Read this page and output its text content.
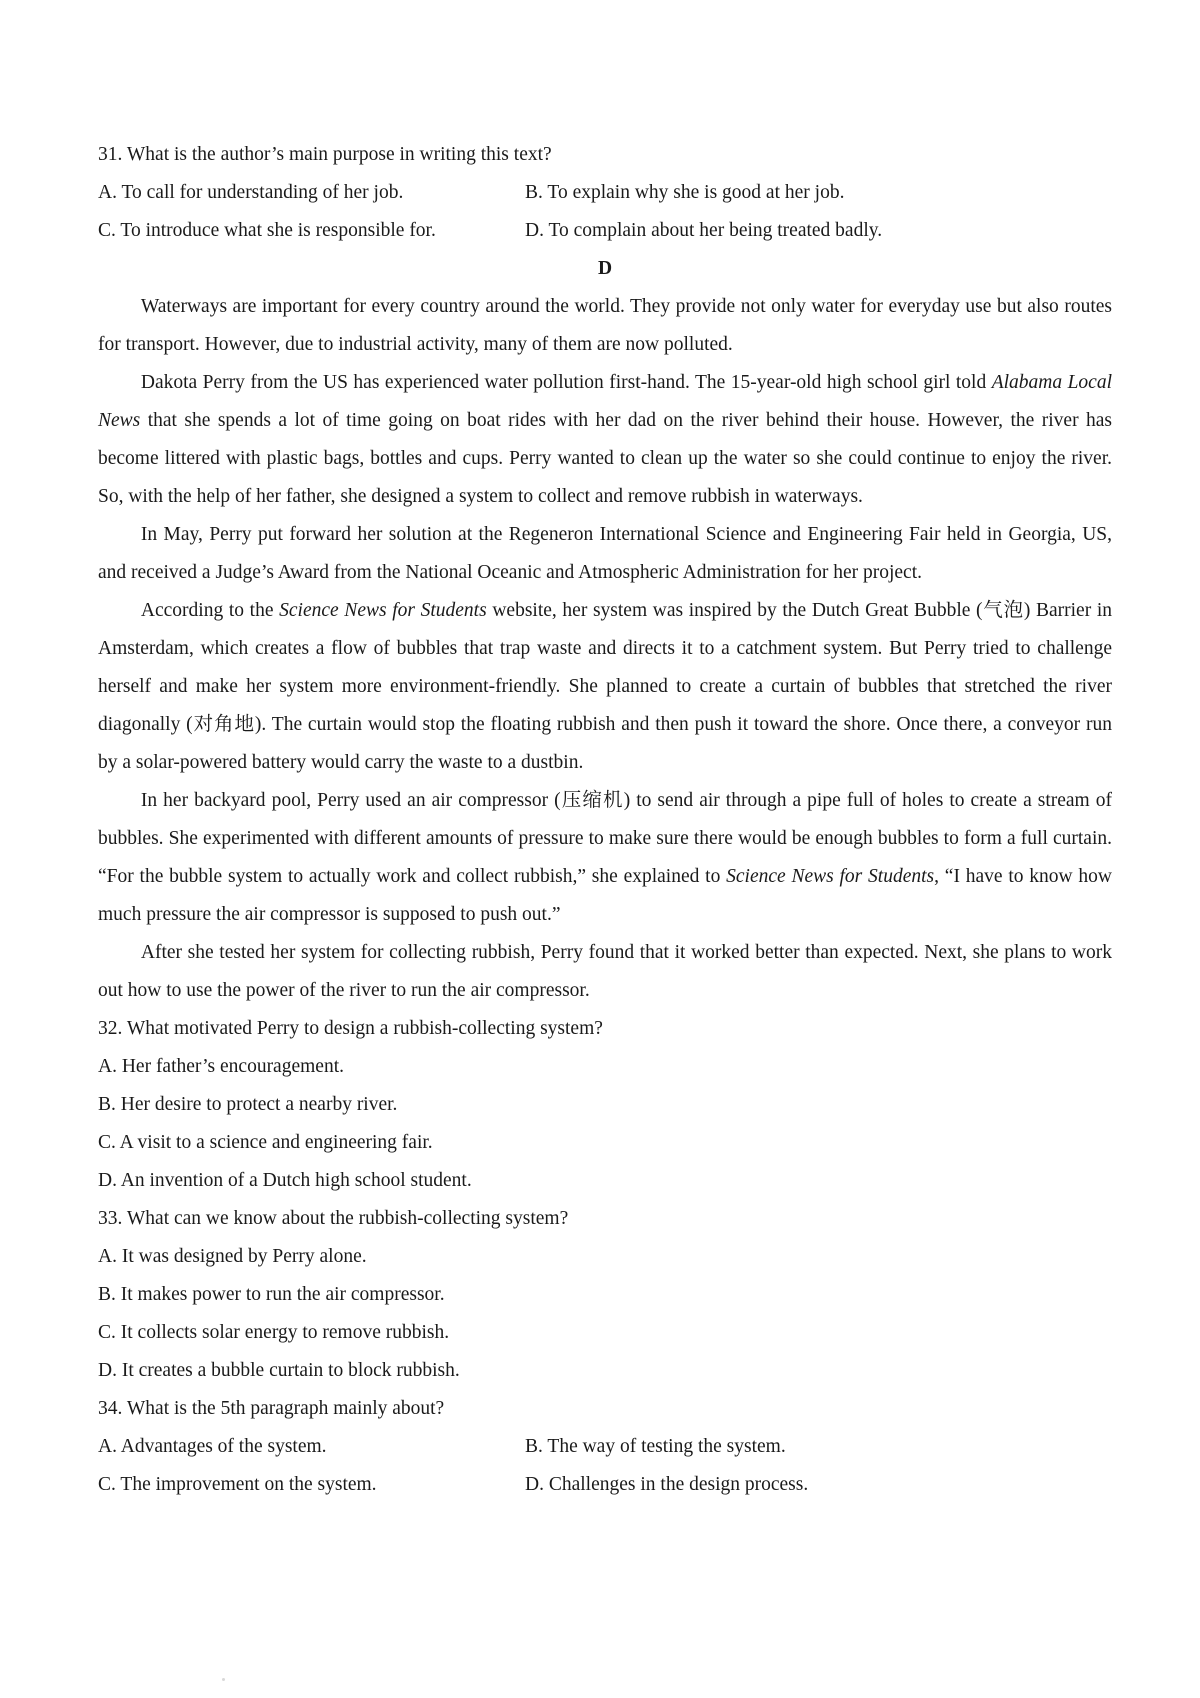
31. What is the author’s main purpose in writing this text?
A. To call for understanding of her job.	B. To explain why she is good at her job.
C. To introduce what she is responsible for.	D. To complain about her being treated badly.
D

Waterways are important for every country around the world. They provide not only water for everyday use but also routes for transport. However, due to industrial activity, many of them are now polluted.

Dakota Perry from the US has experienced water pollution first-hand. The 15-year-old high school girl told Alabama Local News that she spends a lot of time going on boat rides with her dad on the river behind their house. However, the river has become littered with plastic bags, bottles and cups. Perry wanted to clean up the water so she could continue to enjoy the river. So, with the help of her father, she designed a system to collect and remove rubbish in waterways.

In May, Perry put forward her solution at the Regeneron International Science and Engineering Fair held in Georgia, US, and received a Judge’s Award from the National Oceanic and Atmospheric Administration for her project.

According to the Science News for Students website, her system was inspired by the Dutch Great Bubble (气泡) Barrier in Amsterdam, which creates a flow of bubbles that trap waste and directs it to a catchment system. But Perry tried to challenge herself and make her system more environment-friendly. She planned to create a curtain of bubbles that stretched the river diagonally (对角地). The curtain would stop the floating rubbish and then push it toward the shore. Once there, a conveyor run by a solar-powered battery would carry the waste to a dustbin.

In her backyard pool, Perry used an air compressor (压缩机) to send air through a pipe full of holes to create a stream of bubbles. She experimented with different amounts of pressure to make sure there would be enough bubbles to form a full curtain. “For the bubble system to actually work and collect rubbish,” she explained to Science News for Students, “I have to know how much pressure the air compressor is supposed to push out.”

After she tested her system for collecting rubbish, Perry found that it worked better than expected. Next, she plans to work out how to use the power of the river to run the air compressor.

32. What motivated Perry to design a rubbish-collecting system?
A. Her father’s encouragement.
B. Her desire to protect a nearby river.
C. A visit to a science and engineering fair.
D. An invention of a Dutch high school student.
33. What can we know about the rubbish-collecting system?
A. It was designed by Perry alone.
B. It makes power to run the air compressor.
C. It collects solar energy to remove rubbish.
D. It creates a bubble curtain to block rubbish.
34. What is the 5th paragraph mainly about?
A. Advantages of the system.	B. The way of testing the system.
C. The improvement on the system.	D. Challenges in the design process.
